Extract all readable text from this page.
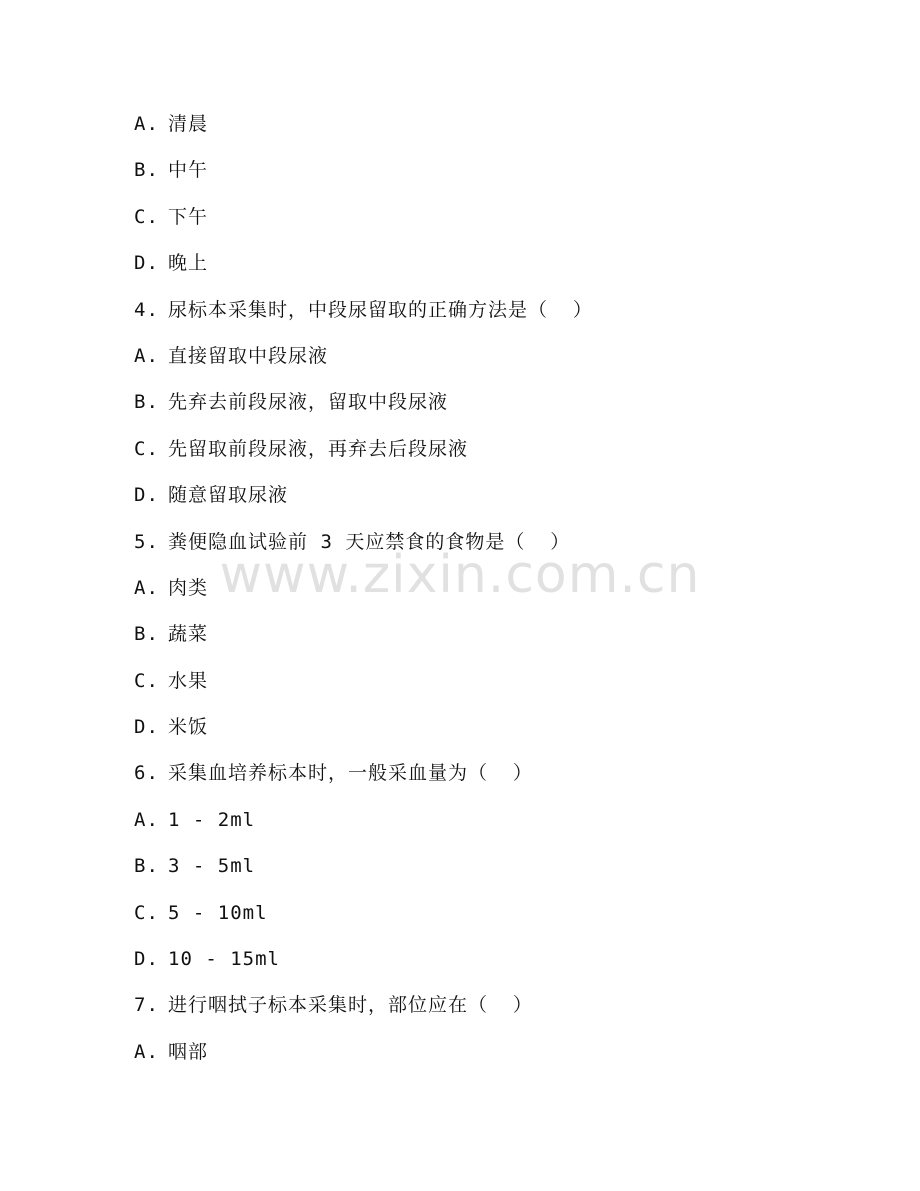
A. 清晨
B. 中午
C. 下午
D. 晚上
4. 尿标本采集时，中段尿留取的正确方法是（  ）
A. 直接留取中段尿液
B. 先弃去前段尿液，留取中段尿液
C. 先留取前段尿液，再弃去后段尿液
D. 随意留取尿液
5. 粪便隐血试验前 3 天应禁食的食物是（  ）
A. 肉类
B. 蔬菜
C. 水果
D. 米饭
6. 采集血培养标本时，一般采血量为（  ）
A. 1 - 2ml
B. 3 - 5ml
C. 5 - 10ml
D. 10 - 15ml
7. 进行咽拭子标本采集时，部位应在（  ）
A. 咽部
www.zixin.com.cn
